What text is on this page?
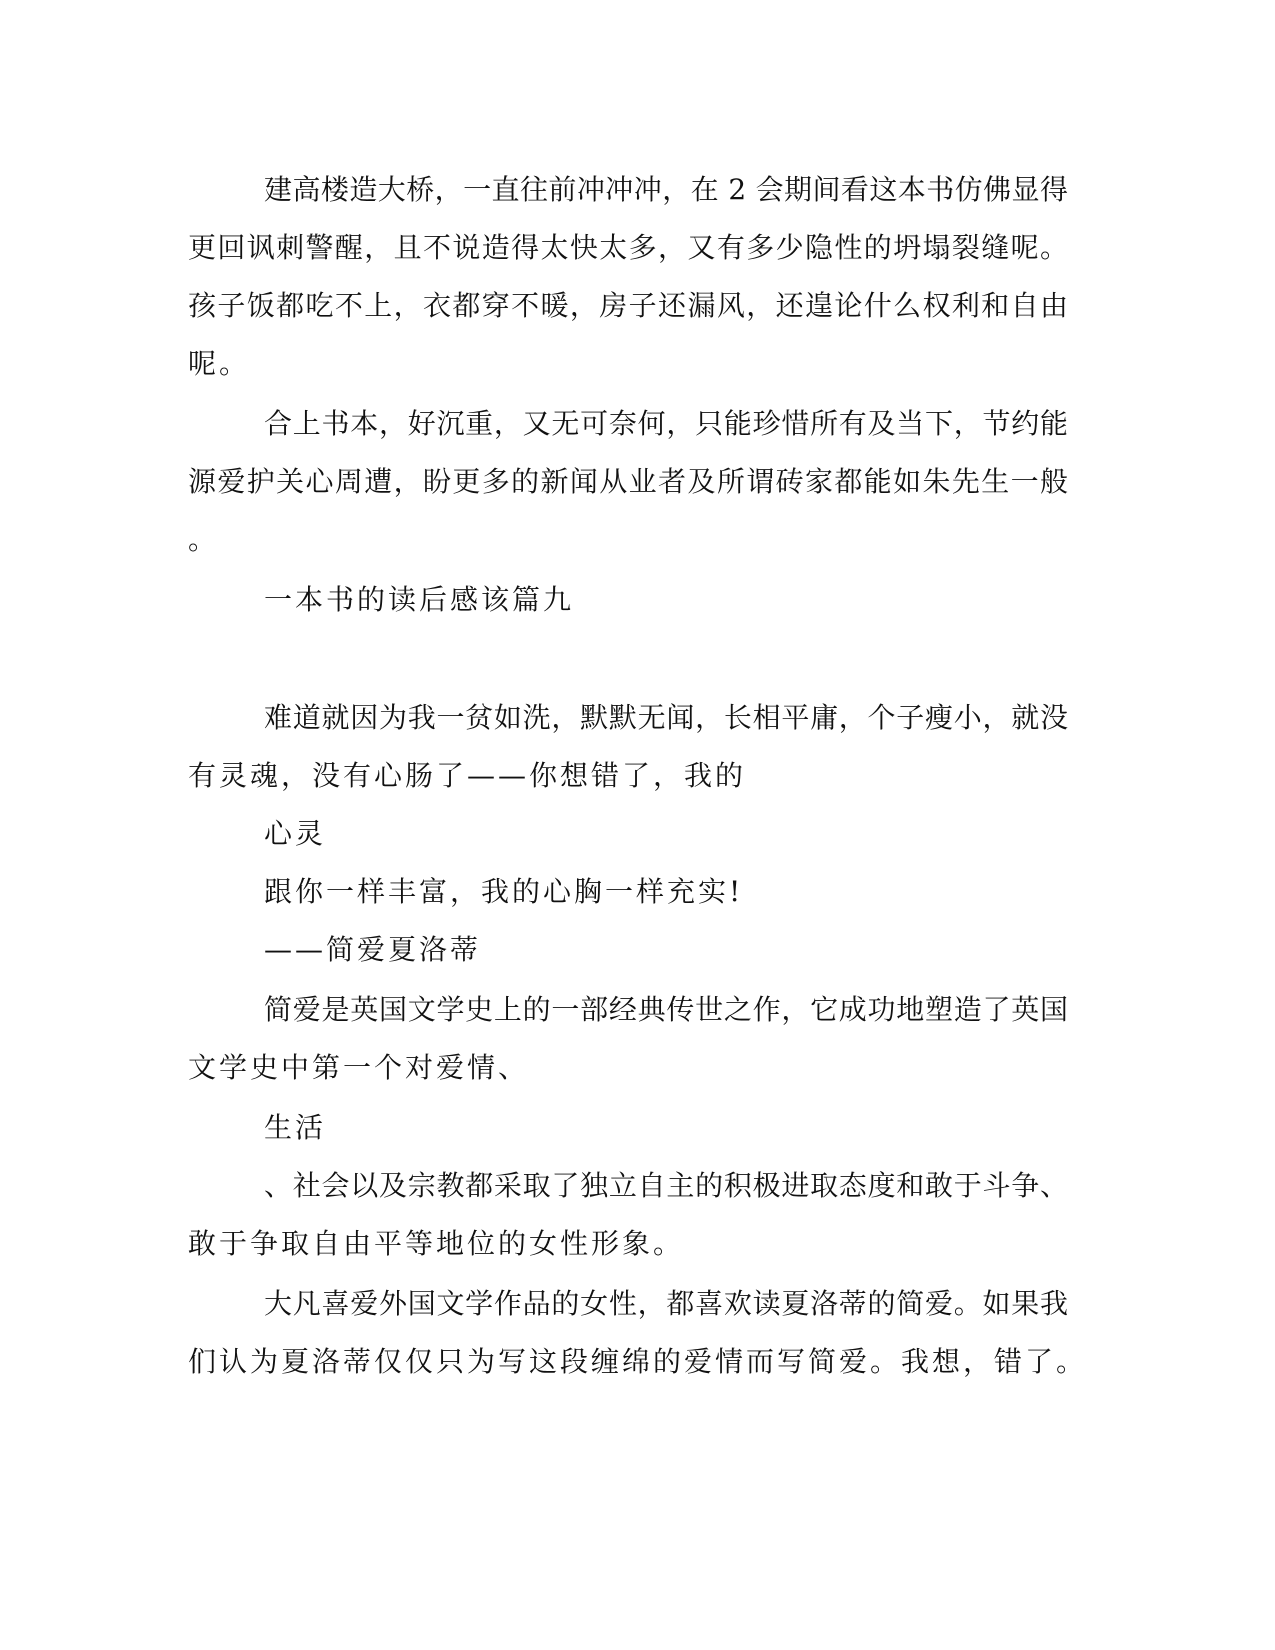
建高楼造大桥，一直往前冲冲冲，在 2 会期间看这本书仿佛显得

更回讽刺警醒，且不说造得太快太多，又有多少隐性的坍塌裂缝呢。

孩子饭都吃不上，衣都穿不暖，房子还漏风，还遑论什么权利和自由

呢。

合上书本，好沉重，又无可奈何，只能珍惜所有及当下，节约能

源爱护关心周遭，盼更多的新闻从业者及所谓砖家都能如朱先生一般

。

一本书的读后感该篇九

难道就因为我一贫如洗，默默无闻，长相平庸，个子瘦小，就没

有灵魂，没有心肠了——你想错了，我的

心灵

跟你一样丰富，我的心胸一样充实!

——简爱夏洛蒂

简爱是英国文学史上的一部经典传世之作，它成功地塑造了英国

文学史中第一个对爱情、

生活

、社会以及宗教都采取了独立自主的积极进取态度和敢于斗争、

敢于争取自由平等地位的女性形象。

大凡喜爱外国文学作品的女性，都喜欢读夏洛蒂的简爱。如果我

们认为夏洛蒂仅仅只为写这段缠绵的爱情而写简爱。我想，错了。
